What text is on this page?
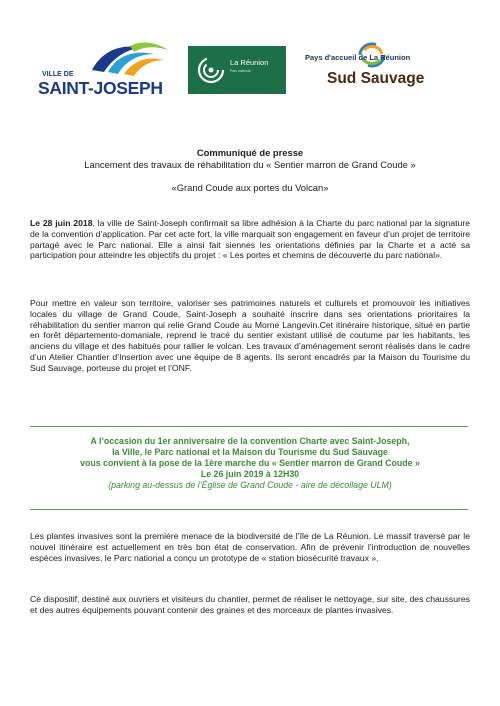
VILLE DE
SAINT-JOSEPH
La Réunion
Parc national
Pays d'accueil de La Réunion
Sud Sauvage
Communiqué de presse
Lancement des travaux de réhabilitation du « Sentier marron de Grand Coude »
«Grand Coude aux portes du Volcan»
Le 28 juin 2018, la ville de Saint-Joseph confirmait sa libre adhésion à la Charte du parc national par la signature de la convention d’application. Par cet acte fort, la ville marquait son engagement en faveur d’un projet de territoire partagé avec le Parc national. Elle a ainsi fait siennes les orientations définies par la Charte et a acté sa participation pour atteindre les objectifs du projet : « Les portes et chemins de découverte du parc national».
Pour mettre en valeur son territoire, valoriser ses patrimoines naturels et culturels et promouvoir les initiatives locales du village de Grand Coude, Saint-Joseph a souhaité inscrire dans ses orientations prioritaires la réhabilitation du sentier marron qui relie Grand Coude au Morne Langevin.Cet itinéraire historique, situé en partie en forêt départemento-domaniale, reprend le tracé du sentier existant utilisé de coutume par les habitants, les anciens du village et des habitués pour rallier le volcan. Les travaux d’aménagement seront réalisés dans le cadre d’un Atelier Chantier d’Insertion avec une équipe de 8 agents. Ils seront encadrés par la Maison du Tourisme du Sud Sauvage, porteuse du projet et l’ONF.
A l’occasion du 1er anniversaire de la convention Charte avec Saint-Joseph,
la Ville, le Parc national et la Maison du Tourisme du Sud Sauvage
vous convient à la pose de la 1ère marche du « Sentier marron de Grand Coude »
Le 26 juin 2019 à 12H30
(parking au-dessus de l’Église de Grand Coude - aire de décollage ULM)
Les plantes invasives sont la première menace de la biodiversité de l’île de La Réunion. Le massif traversé par le nouvel itinéraire est actuellement en très bon état de conservation. Afin de prévenir l’introduction de nouvelles espèces invasives, le Parc national a conçu un prototype de « station biosécurité travaux ».
Ce dispositif, destiné aux ouvriers et visiteurs du chantier, permet de réaliser le nettoyage, sur site, des chaussures et des autres équipements pouvant contenir des graines et des morceaux de plantes invasives.
